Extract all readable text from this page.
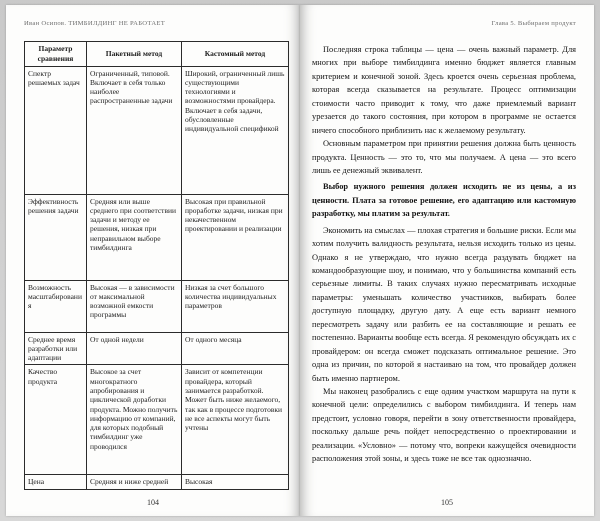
Иван Осипов. ТИМБИЛДИНГ НЕ РАБОТАЕТ
Параметр сравнения	Пакетный метод	Кастомный метод
Спектр решаемых задач	Ограниченный, типовой. Включает в себя только наиболее распространенные задачи	Широкий, ограниченный лишь существующими технологиями и возможностями провайдера. Включает в себя задачи, обусловленные индивидуальной спецификой
Эффективность решения задачи	Средняя или выше среднего при соответствии задачи и методу ее решения, низкая при неправильном выборе тимбилдинга	Высокая при правильной проработке задачи, низкая при некачественном проектировании и реализации
Возможность масштабирования	Высокая — в зависимости от максимальной возможной емкости программы	Низкая за счет большого количества индивидуальных параметров
Среднее время разработки или адаптации	От одной недели	От одного месяца
Качество продукта	Высокое за счет многократного апробирования и циклической доработки продукта. Можно получить информацию от компаний, для которых подобный тимбилдинг уже проводился	Зависит от компетенции провайдера, который занимается разработкой. Может быть ниже желаемого, так как в процессе подготовки не все аспекты могут быть учтены
Цена	Средняя и ниже средней	Высокая
104
Глава 5. Выбираем продукт

Последняя строка таблицы — цена — очень важный параметр. Для многих при выборе тимбилдинга именно бюджет является главным критерием и конечной зоной. Здесь кроется очень серьезная проблема, которая всегда сказывается на результате. Процесс оптимизации стоимости часто приводит к тому, что даже приемлемый вариант урезается до такого состояния, при котором в программе не остается ничего способного приблизить нас к желаемому результату.

Основным параметром при принятии решения должна быть ценность продукта. Ценность — это то, что мы получаем. А цена — это всего лишь ее денежный эквивалент.

Выбор нужного решения должен исходить не из цены, а из ценности. Плата за готовое решение, его адаптацию или кастомную разработку, мы платим за результат.

Экономить на смыслах — плохая стратегия и большие риски. Если мы хотим получить валидность результата, нельзя исходить только из цены. Однако я не утверждаю, что нужно всегда раздувать бюджет на командообразующие шоу, и понимаю, что у большинства компаний есть серьезные лимиты. В таких случаях нужно пересматривать исходные параметры: уменьшать количество участников, выбирать более доступную площадку, другую дату. А еще есть вариант немного пересмотреть задачу или разбить ее на составляющие и решать ее постепенно. Варианты вообще есть всегда. Я рекомендую обсуждать их с провайдером: он всегда сможет подсказать оптимальное решение. Это одна из причин, по которой я настаиваю на том, что провайдер должен быть именно партнером.

Мы наконец разобрались с еще одним участком маршрута на пути к конечной цели: определились с выбором тимбилдинга. И теперь нам предстоит, условно говоря, перейти в зону ответственности провайдера, поскольку дальше речь пойдет непосредственно о проектировании и реализации. «Условно» — потому что, вопреки кажущейся очевидности расположения этой зоны, и здесь тоже не все так однозначно.

105
